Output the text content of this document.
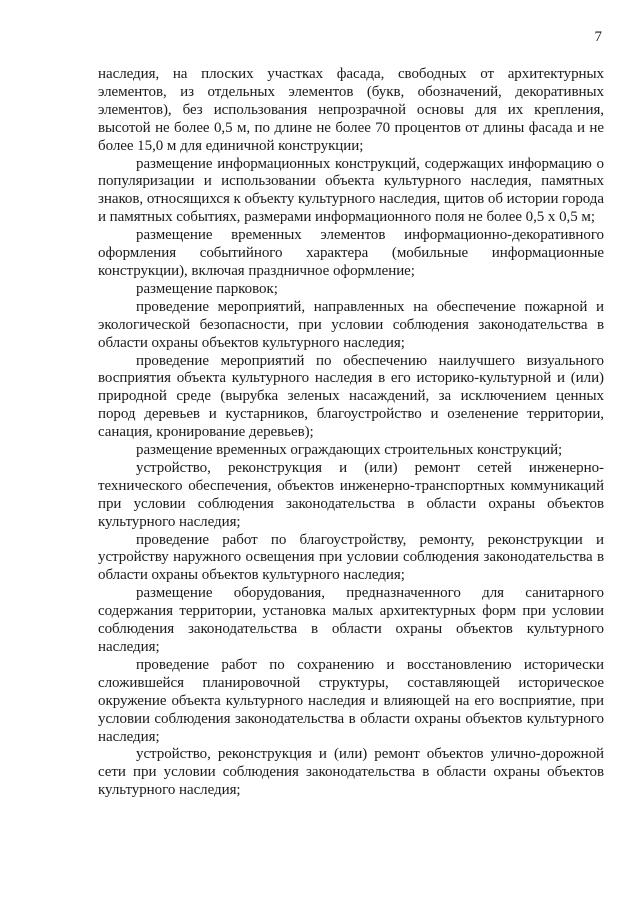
7

наследия, на плоских участках фасада, свободных от архитектурных элементов, из отдельных элементов (букв, обозначений, декоративных элементов), без использования непрозрачной основы для их крепления, высотой не более 0,5 м, по длине не более 70 процентов от длины фасада и не более 15,0 м для единичной конструкции;

размещение информационных конструкций, содержащих информацию о популяризации и использовании объекта культурного наследия, памятных знаков, относящихся к объекту культурного наследия, щитов об истории города и памятных событиях, размерами информационного поля не более 0,5 х 0,5 м;

размещение временных элементов информационно-декоративного оформления событийного характера (мобильные информационные конструкции), включая праздничное оформление;

размещение парковок;

проведение мероприятий, направленных на обеспечение пожарной и экологической безопасности, при условии соблюдения законодательства в области охраны объектов культурного наследия;

проведение мероприятий по обеспечению наилучшего визуального восприятия объекта культурного наследия в его историко-культурной и (или) природной среде (вырубка зеленых насаждений, за исключением ценных пород деревьев и кустарников, благоустройство и озеленение территории, санация, кронирование деревьев);

размещение временных ограждающих строительных конструкций;

устройство, реконструкция и (или) ремонт сетей инженерно-технического обеспечения, объектов инженерно-транспортных коммуникаций при условии соблюдения законодательства в области охраны объектов культурного наследия;

проведение работ по благоустройству, ремонту, реконструкции и устройству наружного освещения при условии соблюдения законодательства в области охраны объектов культурного наследия;

размещение оборудования, предназначенного для санитарного содержания территории, установка малых архитектурных форм при условии соблюдения законодательства в области охраны объектов культурного наследия;

проведение работ по сохранению и восстановлению исторически сложившейся планировочной структуры, составляющей историческое окружение объекта культурного наследия и влияющей на его восприятие, при условии соблюдения законодательства в области охраны объектов культурного наследия;

устройство, реконструкция и (или) ремонт объектов улично-дорожной сети при условии соблюдения законодательства в области охраны объектов культурного наследия;
